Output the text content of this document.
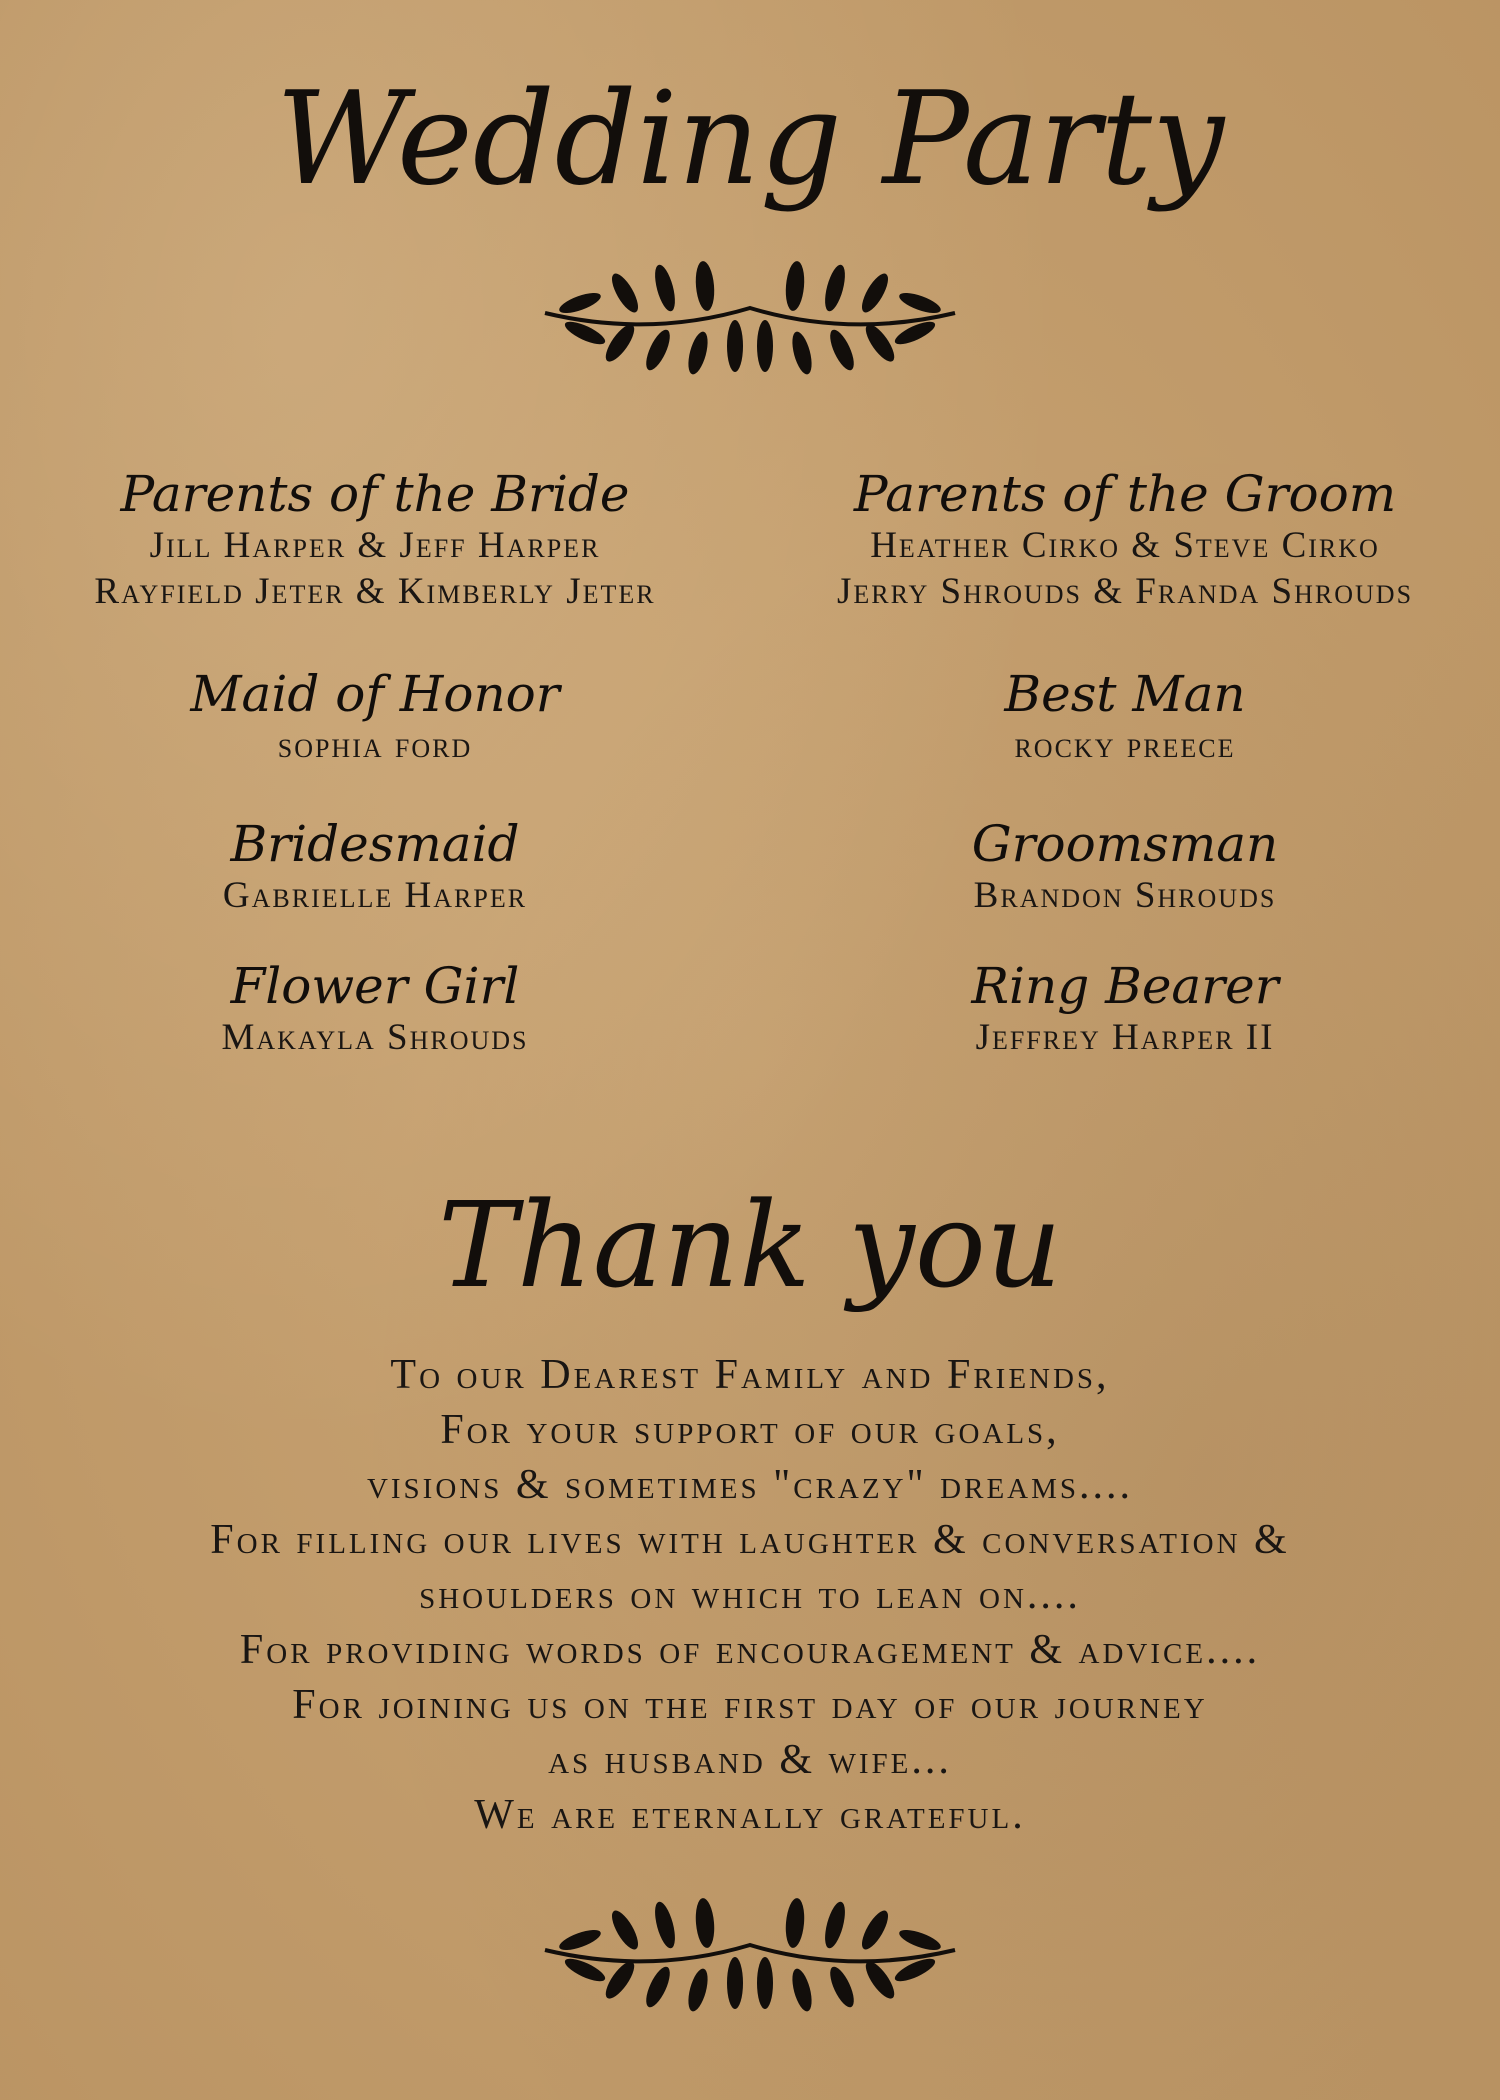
Wedding Party
Parents of the Bride
Jill Harper & Jeff Harper
Rayfield Jeter & Kimberly Jeter
Maid of Honor
sophia ford
Bridesmaid
Gabrielle Harper
Flower Girl
Makayla Shrouds
Parents of the Groom
Heather Cirko & Steve Cirko
Jerry Shrouds & Franda Shrouds
Best Man
rocky preece
Groomsman
Brandon Shrouds
Ring Bearer
Jeffrey Harper II
Thank you
To our Dearest Family and Friends,
For your support of our goals,
visions & sometimes "crazy" dreams....
For filling our lives with laughter & conversation &
shoulders on which to lean on....
For providing words of encouragement & advice....
For joining us on the first day of our journey
as husband & wife...
We are eternally grateful.
